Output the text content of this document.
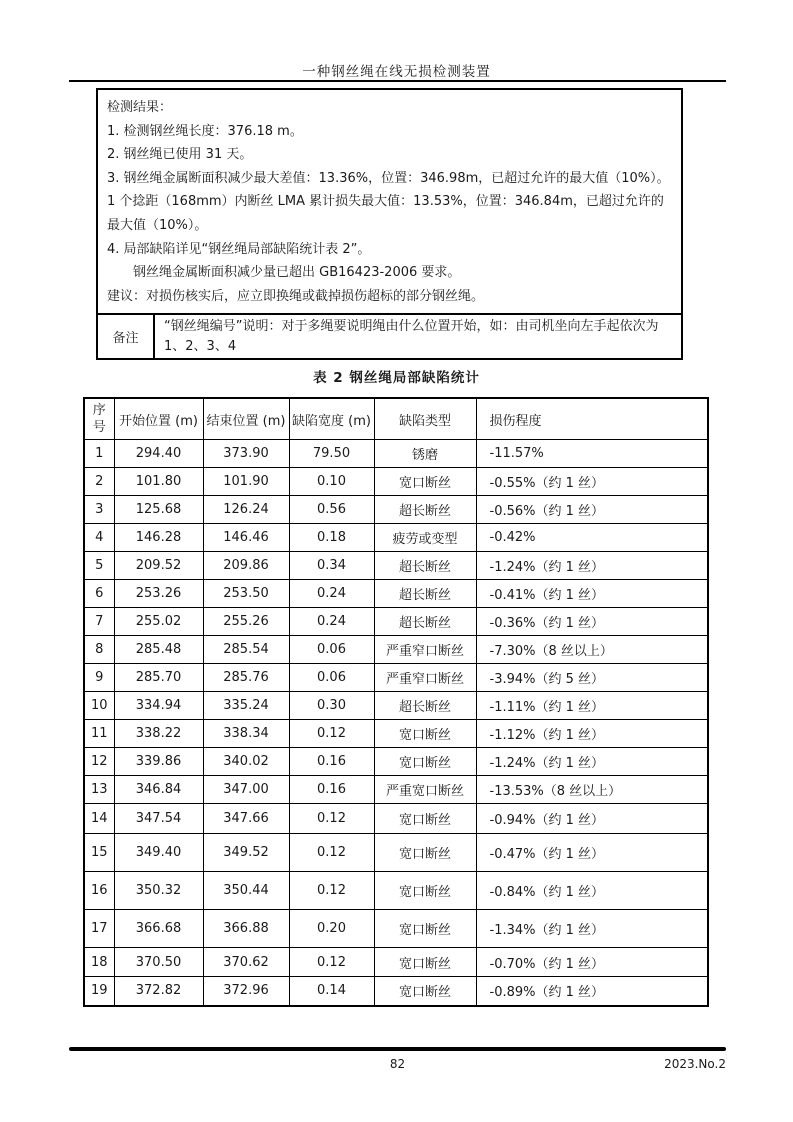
一种钢丝绳在线无损检测装置
检测结果：
1. 检测钢丝绳长度：376.18 m。
2. 钢丝绳已使用 31 天。
3. 钢丝绳金属断面积减少最大差值：13.36%，位置：346.98m，已超过允许的最大值（10%）。
1 个捻距（168mm）内断丝 LMA 累计损失最大值：13.53%，位置：346.84m，已超过允许的
最大值（10%）。
4. 局部缺陷详见“钢丝绳局部缺陷统计表 2”。
钢丝绳金属断面积减少量已超出 GB16423-2006 要求。
建议：对损伤核实后，应立即换绳或截掉损伤超标的部分钢丝绳。
备注
“钢丝绳编号”说明：对于多绳要说明绳由什么位置开始，如：由司机坐向左手起依次为 1、2、3、4
表 2 钢丝绳局部缺陷统计
序号	开始位置 (m)	结束位置 (m)	缺陷宽度 (m)	缺陷类型	损伤程度
1	294.40	373.90	79.50	锈磨	-11.57%
2	101.80	101.90	0.10	宽口断丝	-0.55%（约 1 丝）
3	125.68	126.24	0.56	超长断丝	-0.56%（约 1 丝）
4	146.28	146.46	0.18	疲劳或变型	-0.42%
5	209.52	209.86	0.34	超长断丝	-1.24%（约 1 丝）
6	253.26	253.50	0.24	超长断丝	-0.41%（约 1 丝）
7	255.02	255.26	0.24	超长断丝	-0.36%（约 1 丝）
8	285.48	285.54	0.06	严重窄口断丝	-7.30%（8 丝以上）
9	285.70	285.76	0.06	严重窄口断丝	-3.94%（约 5 丝）
10	334.94	335.24	0.30	超长断丝	-1.11%（约 1 丝）
11	338.22	338.34	0.12	宽口断丝	-1.12%（约 1 丝）
12	339.86	340.02	0.16	宽口断丝	-1.24%（约 1 丝）
13	346.84	347.00	0.16	严重宽口断丝	-13.53%（8 丝以上）
14	347.54	347.66	0.12	宽口断丝	-0.94%（约 1 丝）
15	349.40	349.52	0.12	宽口断丝	-0.47%（约 1 丝）
16	350.32	350.44	0.12	宽口断丝	-0.84%（约 1 丝）
17	366.68	366.88	0.20	宽口断丝	-1.34%（约 1 丝）
18	370.50	370.62	0.12	宽口断丝	-0.70%（约 1 丝）
19	372.82	372.96	0.14	宽口断丝	-0.89%（约 1 丝）
82	2023.No.2
